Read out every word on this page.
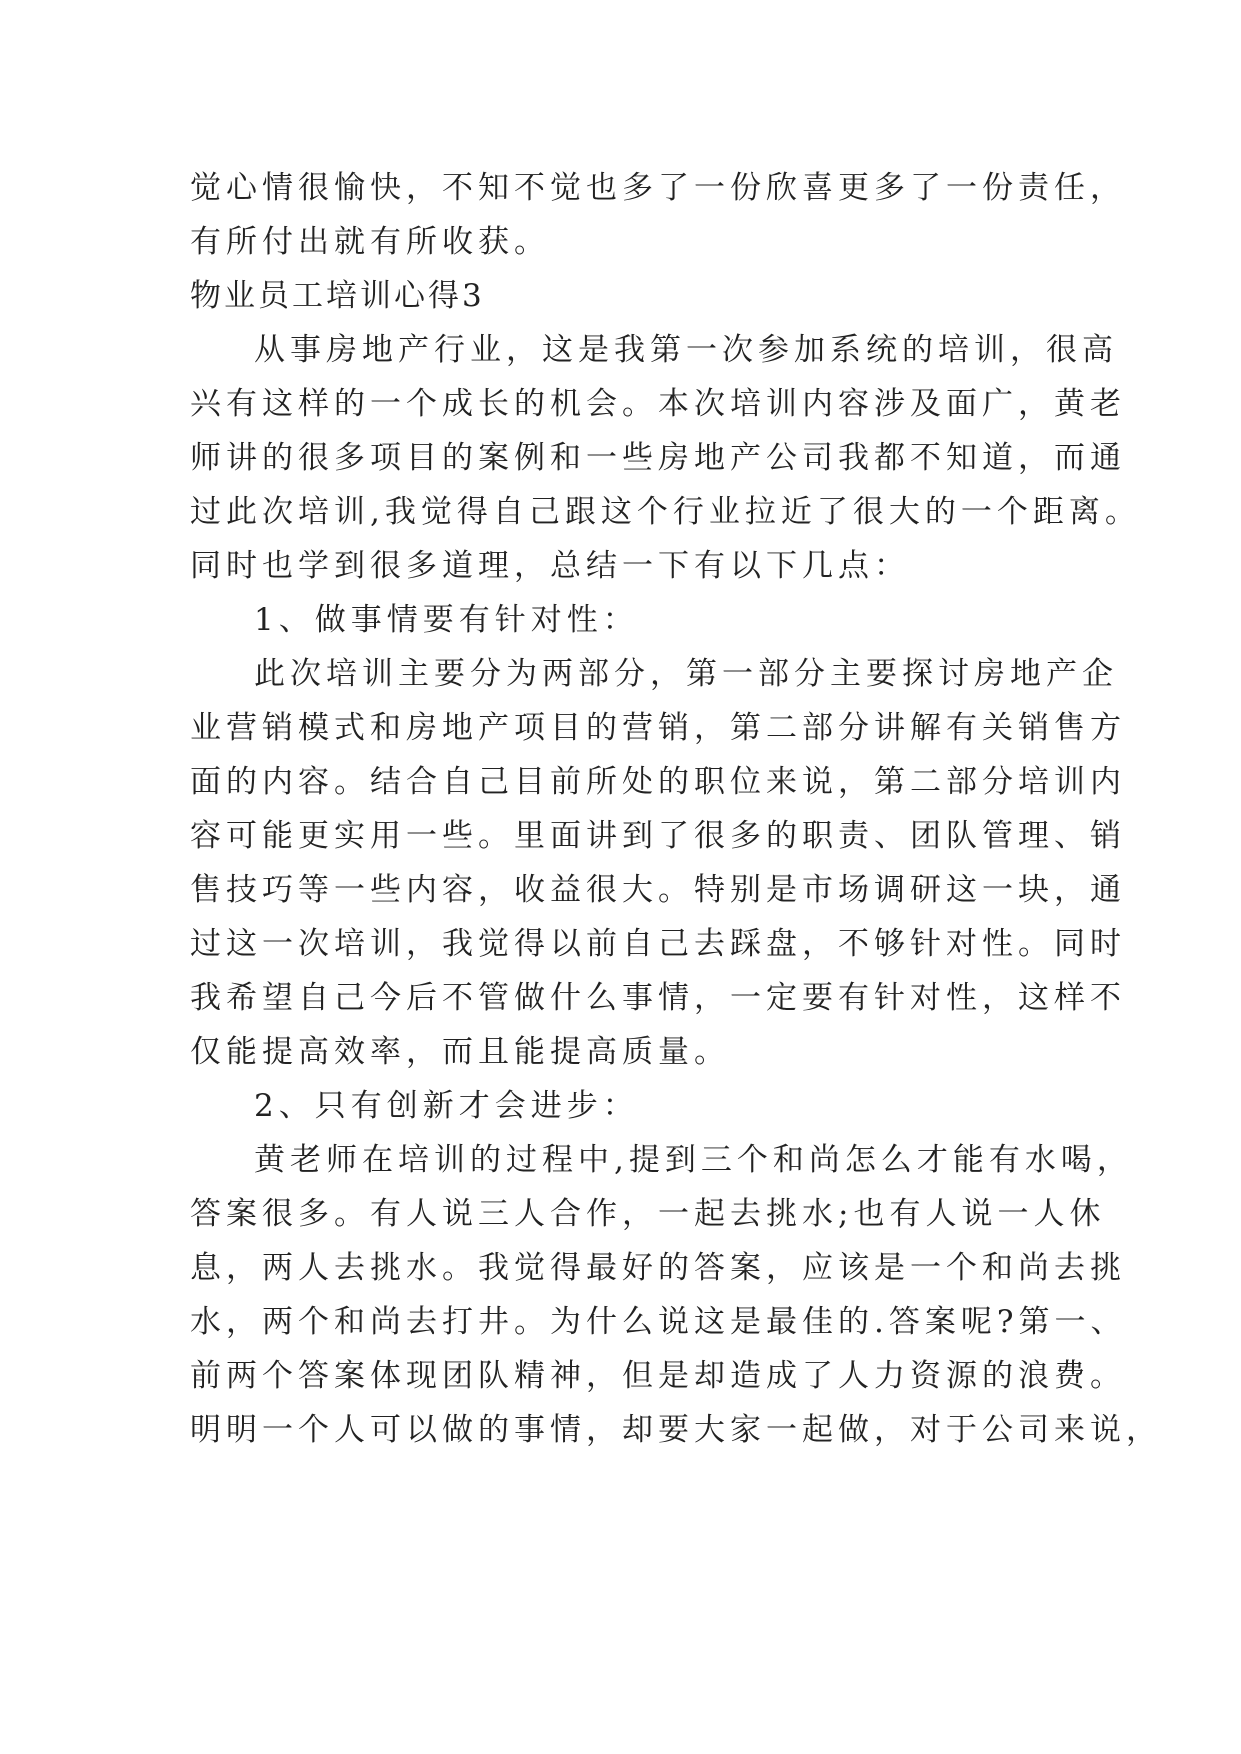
觉心情很愉快，不知不觉也多了一份欣喜更多了一份责任，
有所付出就有所收获。
物业员工培训心得3
从事房地产行业，这是我第一次参加系统的培训，很高
兴有这样的一个成长的机会。本次培训内容涉及面广，黄老
师讲的很多项目的案例和一些房地产公司我都不知道，而通
过此次培训,我觉得自己跟这个行业拉近了很大的一个距离。
同时也学到很多道理，总结一下有以下几点：
1、做事情要有针对性：
此次培训主要分为两部分，第一部分主要探讨房地产企
业营销模式和房地产项目的营销，第二部分讲解有关销售方
面的内容。结合自己目前所处的职位来说，第二部分培训内
容可能更实用一些。里面讲到了很多的职责、团队管理、销
售技巧等一些内容，收益很大。特别是市场调研这一块，通
过这一次培训，我觉得以前自己去踩盘，不够针对性。同时
我希望自己今后不管做什么事情，一定要有针对性，这样不
仅能提高效率，而且能提高质量。
2、只有创新才会进步：
黄老师在培训的过程中,提到三个和尚怎么才能有水喝，
答案很多。有人说三人合作，一起去挑水;也有人说一人休
息，两人去挑水。我觉得最好的答案，应该是一个和尚去挑
水，两个和尚去打井。为什么说这是最佳的.答案呢?第一、
前两个答案体现团队精神，但是却造成了人力资源的浪费。
明明一个人可以做的事情，却要大家一起做，对于公司来说，
